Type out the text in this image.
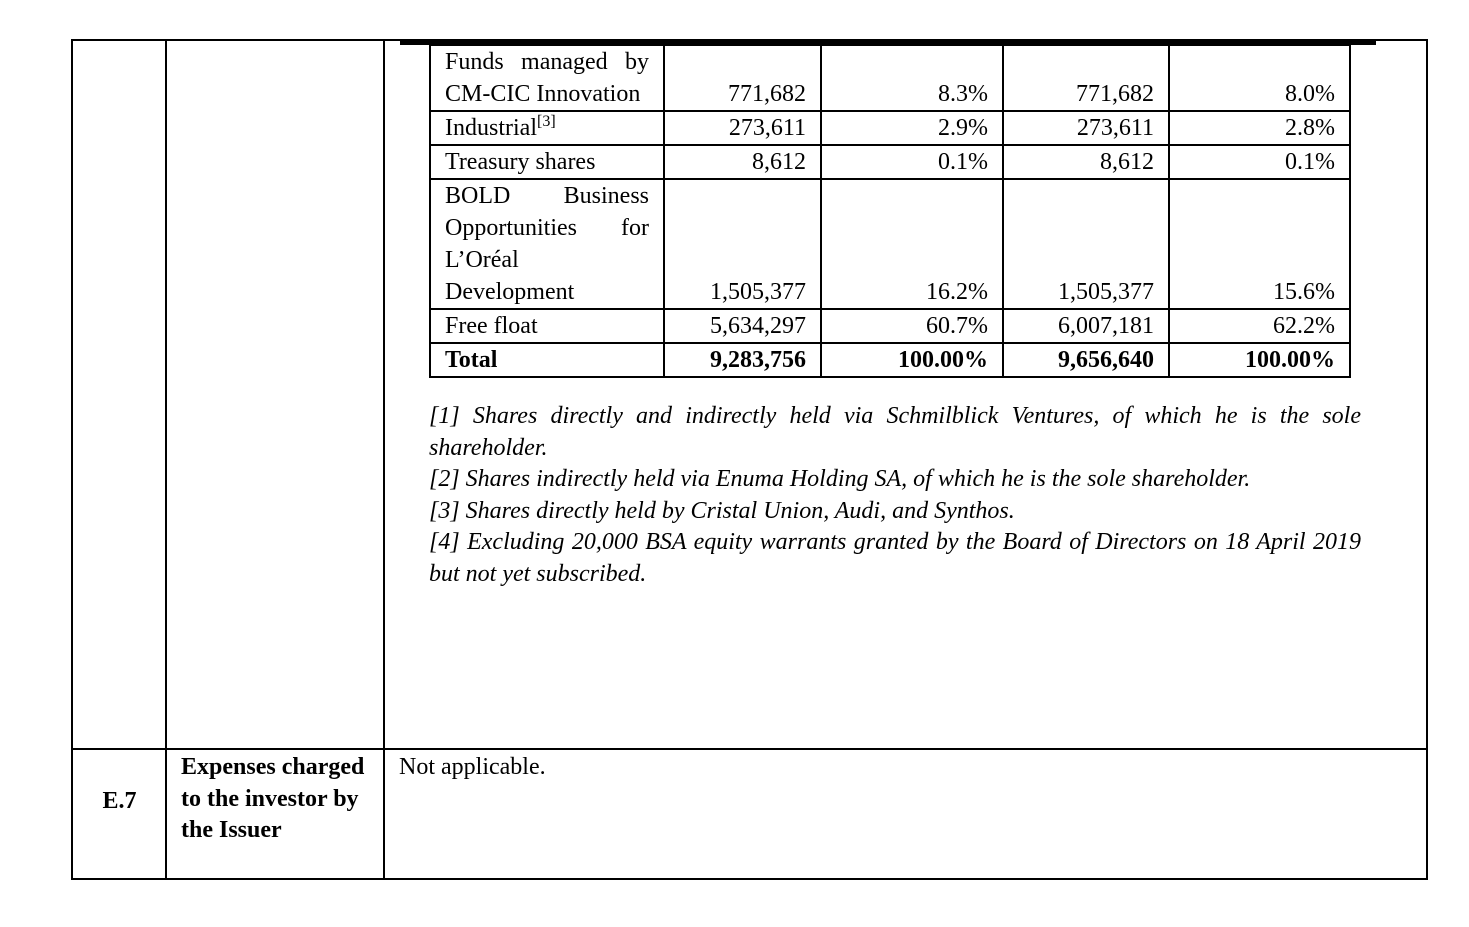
Funds managed by CM-CIC Innovation	771,682	8.3%	771,682	8.0%
Industrial[3]	273,611	2.9%	273,611	2.8%
Treasury shares	8,612	0.1%	8,612	0.1%
BOLD Business Opportunities for L’Oréal Development	1,505,377	16.2%	1,505,377	15.6%
Free float	5,634,297	60.7%	6,007,181	62.2%
Total	9,283,756	100.00%	9,656,640	100.00%

[1] Shares directly and indirectly held via Schmilblick Ventures, of which he is the sole shareholder.

[2] Shares indirectly held via Enuma Holding SA, of which he is the sole shareholder.

[3] Shares directly held by Cristal Union, Audi, and Synthos.

[4] Excluding 20,000 BSA equity warrants granted by the Board of Directors on 18 April 2019 but not yet subscribed.

E.7
Expenses charged to the investor by the Issuer
Not applicable.
